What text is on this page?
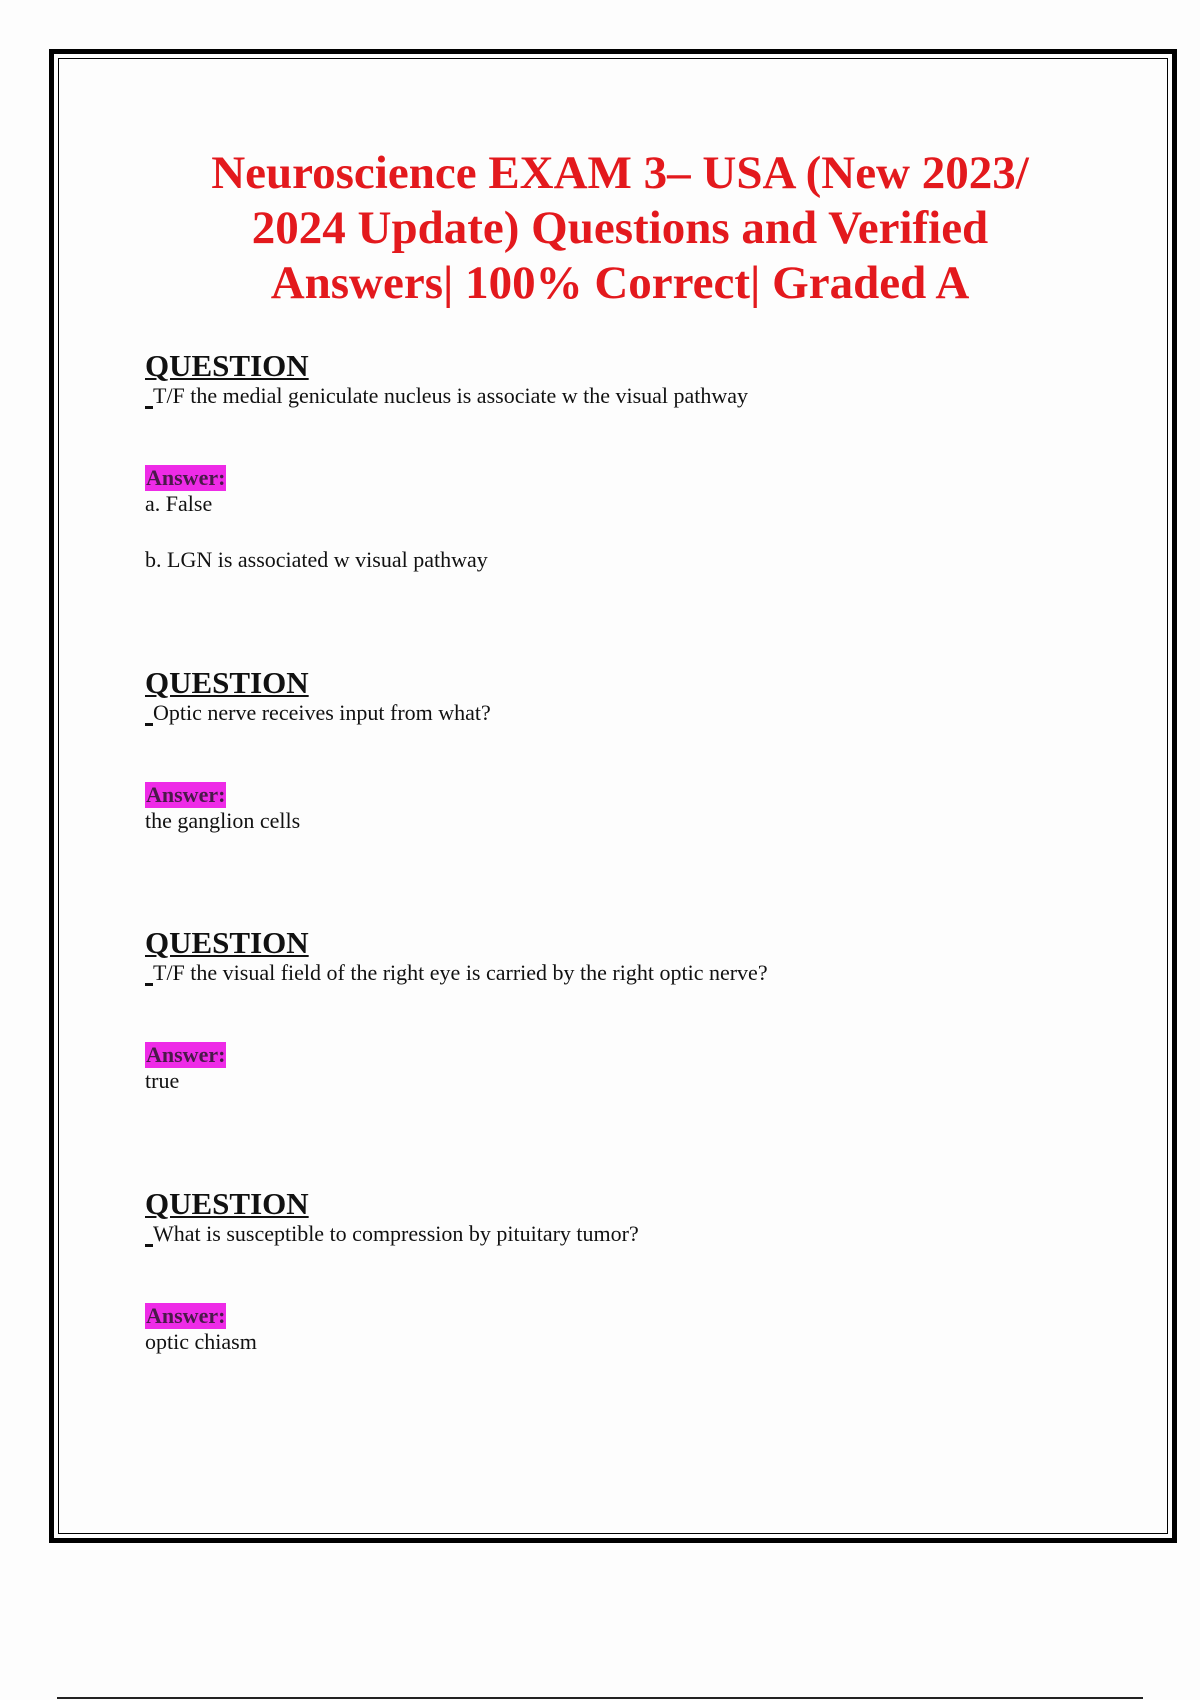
Neuroscience EXAM 3– USA (New 2023/ 2024 Update) Questions and Verified Answers| 100% Correct| Graded A

QUESTION

T/F the medial geniculate nucleus is associate w the visual pathway

Answer:

a. False

b. LGN is associated w visual pathway

QUESTION

Optic nerve receives input from what?

Answer:

the ganglion cells

QUESTION

T/F the visual field of the right eye is carried by the right optic nerve?

Answer:

true

QUESTION

What is susceptible to compression by pituitary tumor?

Answer:

optic chiasm
